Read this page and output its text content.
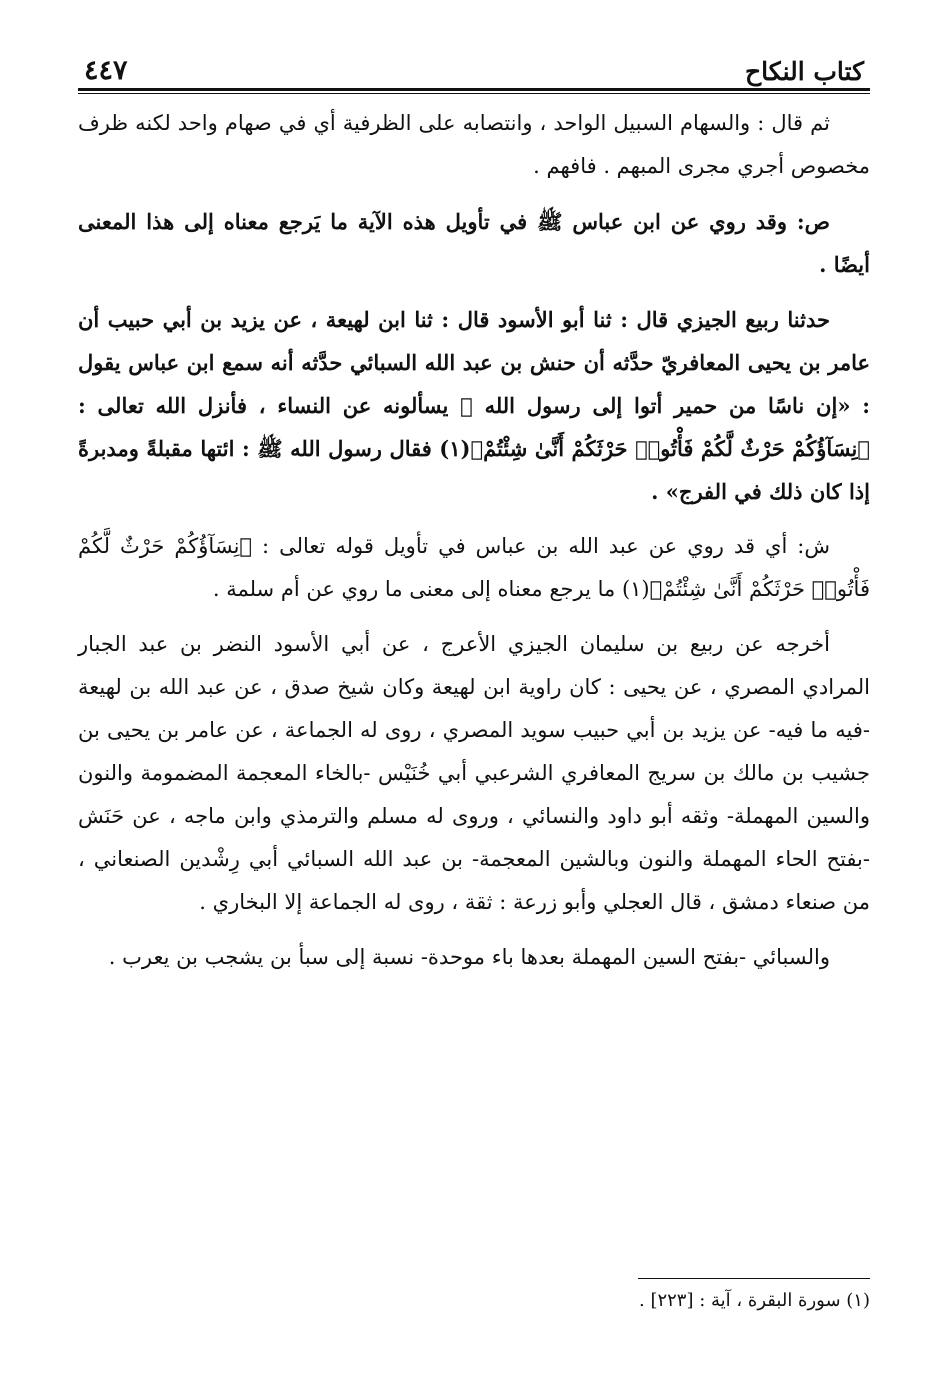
كتاب النكاح
٤٤٧

ثم قال : والسهام السبيل الواحد ، وانتصابه على الظرفية أي في صهام واحد لكنه ظرف مخصوص أجري مجرى المبهم . فافهم .

ص: وقد روي عن ابن عباس ﷺ في تأويل هذه الآية ما يَرجع معناه إلى هذا المعنى أيضًا .

حدثنا ربيع الجيزي قال : ثنا أبو الأسود قال : ثنا ابن لهيعة ، عن يزيد بن أبي حبيب أن عامر بن يحيى المعافريّ حدَّثه أن حنش بن عبد الله السبائي حدَّثه أنه سمع ابن عباس يقول : «إن ناسًا من حمير أتوا إلى رسول الله ﷺ يسألونه عن النساء ، فأنزل الله تعالى : ﴿نِسَآؤُكُمْ حَرْثٌ لَّكُمْ فَأْتُوا۟ حَرْثَكُمْ أَنَّىٰ شِئْتُمْ﴾(١) فقال رسول الله ﷺ : ائتها مقبلةً ومدبرةً إذا كان ذلك في الفرج» .

ش: أي قد روي عن عبد الله بن عباس في تأويل قوله تعالى : ﴿نِسَآؤُكُمْ حَرْثٌ لَّكُمْ فَأْتُوا۟ حَرْثَكُمْ أَنَّىٰ شِئْتُمْ﴾(١) ما يرجع معناه إلى معنى ما روي عن أم سلمة .

أخرجه عن ربيع بن سليمان الجيزي الأعرج ، عن أبي الأسود النضر بن عبد الجبار المرادي المصري ، عن يحيى : كان راوية ابن لهيعة وكان شيخ صدق ، عن عبد الله بن لهيعة -فيه ما فيه- عن يزيد بن أبي حبيب سويد المصري ، روى له الجماعة ، عن عامر بن يحيى بن جشيب بن مالك بن سريج المعافري الشرعبي أبي خُنَيْس -بالخاء المعجمة المضمومة والنون والسين المهملة- وثقه أبو داود والنسائي ، وروى له مسلم والترمذي وابن ماجه ، عن حَنَش -بفتح الحاء المهملة والنون وبالشين المعجمة- بن عبد الله السبائي أبي رِشْدين الصنعاني ، من صنعاء دمشق ، قال العجلي وأبو زرعة : ثقة ، روى له الجماعة إلا البخاري .

والسبائي -بفتح السين المهملة بعدها باء موحدة- نسبة إلى سبأ بن يشجب بن يعرب .

(١) سورة البقرة ، آية : [٢٢٣] .
